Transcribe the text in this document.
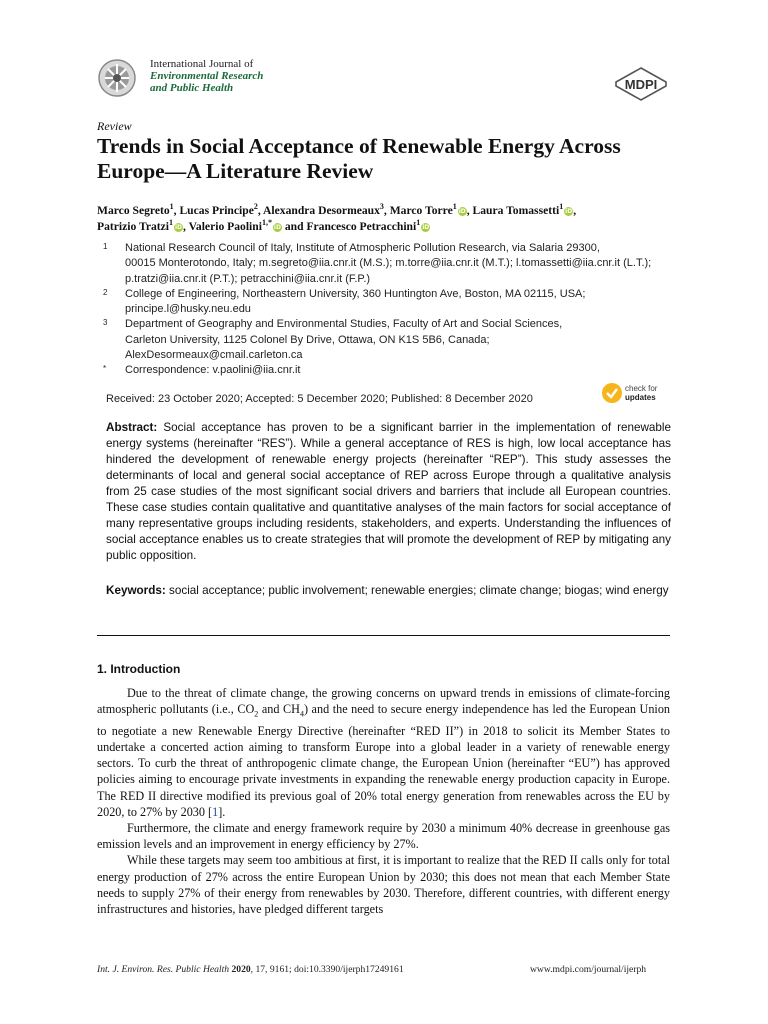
International Journal of
Environmental Research
and Public Health	MDPI
Review
Trends in Social Acceptance of Renewable Energy Across Europe—A Literature Review
Marco Segreto$^1$, Lucas Principe$^2$, Alexandra Desormeaux$^3$, Marco Torre$^1$iD, Laura Tomassetti$^1$iD,
Patrizio Tratzi$^1$iD, Valerio Paolini$^{1,*}$iD and Francesco Petracchini$^1$iD
1 National Research Council of Italy, Institute of Atmospheric Pollution Research, via Salaria 29300,
00015 Monterotondo, Italy; m.segreto@iia.cnr.it (M.S.); m.torre@iia.cnr.it (M.T.); l.tomassetti@iia.cnr.it (L.T.);
p.tratzi@iia.cnr.it (P.T.); petracchini@iia.cnr.it (F.P.)
2 College of Engineering, Northeastern University, 360 Huntington Ave, Boston, MA 02115, USA;
principe.l@husky.neu.edu
3 Department of Geography and Environmental Studies, Faculty of Art and Social Sciences,
Carleton University, 1125 Colonel By Drive, Ottawa, ON K1S 5B6, Canada;
AlexDesormeaux@cmail.carleton.ca
* Correspondence: v.paolini@iia.cnr.it
Received: 23 October 2020; Accepted: 5 December 2020; Published: 8 December 2020
check for
updates
Abstract: Social acceptance has proven to be a significant barrier in the implementation of renewable energy systems (hereinafter “RES”). While a general acceptance of RES is high, low local acceptance has hindered the development of renewable energy projects (hereinafter “REP”). This study assesses the determinants of local and general social acceptance of REP across Europe through a qualitative analysis from 25 case studies of the most significant social drivers and barriers that include all European countries. These case studies contain qualitative and quantitative analyses of the main factors for social acceptance of many representative groups including residents, stakeholders, and experts. Understanding the influences of social acceptance enables us to create strategies that will promote the development of REP by mitigating any public opposition.
Keywords: social acceptance; public involvement; renewable energies; climate change; biogas; wind energy
1. Introduction

Due to the threat of climate change, the growing concerns on upward trends in emissions of climate-forcing atmospheric pollutants (i.e., $CO_2$ and $CH_4$) and the need to secure energy independence has led the European Union to negotiate a new Renewable Energy Directive (hereinafter “RED II”) in 2018 to solicit its Member States to undertake a concerted action aiming to transform Europe into a global leader in a variety of renewable energy sectors. To curb the threat of anthropogenic climate change, the European Union (hereinafter “EU”) has approved policies aiming to encourage private investments in expanding the renewable energy production capacity in Europe. The RED II directive modified its previous goal of 20% total energy generation from renewables across the EU by 2020, to 27% by 2030 [1].

Furthermore, the climate and energy framework require by 2030 a minimum 40% decrease in greenhouse gas emission levels and an improvement in energy efficiency by 27%.

While these targets may seem too ambitious at first, it is important to realize that the RED II calls only for total energy production of 27% across the entire European Union by 2030; this does not mean that each Member State needs to supply 27% of their energy from renewables by 2030. Therefore, different countries, with different energy infrastructures and histories, have pledged different targets

Int. J. Environ. Res. Public Health 2020, 17, 9161; doi:10.3390/ijerph17249161	www.mdpi.com/journal/ijerph
